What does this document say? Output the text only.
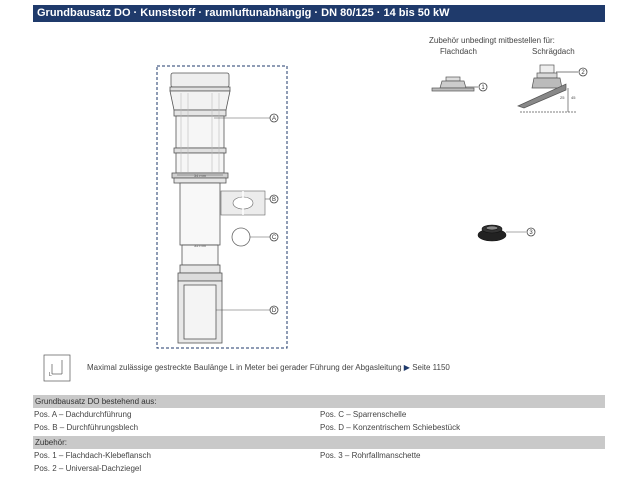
Grundbausatz DO · Kunststoff · raumluftunabhängig · DN 80/125 · 14 bis 50 kW
34 mm
35 mm
A
B
C
D
1
2
25 45
3
L
Zubehör unbedingt mitbestellen für:
Flachdach	Schrägdach
Maximal zulässige gestreckte Baulänge L in Meter bei gerader Führung der Abgasleitung ▶ Seite 1150
Grundbausatz DO bestehend aus:
Pos. A – Dachdurchführung	Pos. C – Sparrenschelle
Pos. B – Durchführungsblech	Pos. D – Konzentrischem Schiebestück
Zubehör:
Pos. 1 – Flachdach-Klebeflansch	Pos. 3 – Rohrfallmanschette
Pos. 2 – Universal-Dachziegel
